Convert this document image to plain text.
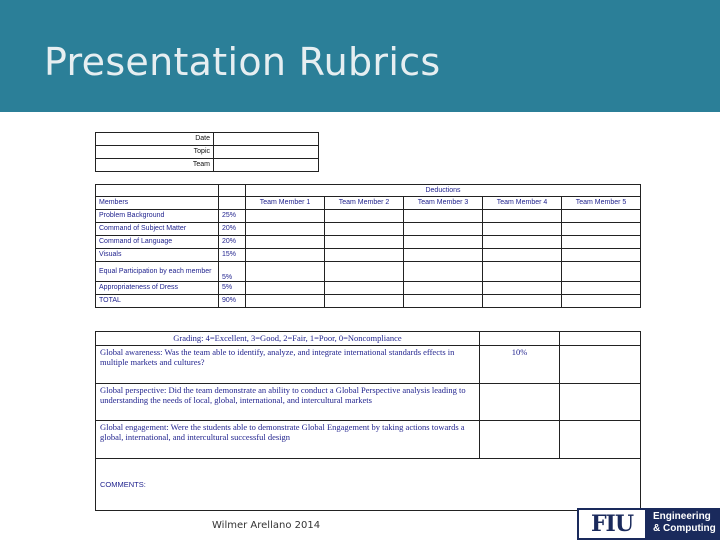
Presentation Rubrics
Date	
Topic	
Team	
		Deductions				
Members		Team Member 1	Team Member 2	Team Member 3	Team Member 4	Team Member 5
Problem Background	25%					
Command of Subject Matter	20%					
Command of Language	20%					
Visuals	15%					
Equal Participation by each member	5%					
Appropriateness of Dress	5%					
TOTAL	90%					
Grading: 4=Excellent, 3=Good, 2=Fair, 1=Poor, 0=Noncompliance		
Global awareness: Was the team able to identify, analyze, and integrate international standards effects in multiple markets and cultures?	10%	
Global perspective: Did the team demonstrate an ability to conduct a Global Perspective analysis leading to understanding the needs of local, global, international, and intercultural markets		
Global engagement: Were the students able to demonstrate Global Engagement by taking actions towards a global, international, and intercultural successful design		
COMMENTS:		
Wilmer Arellano 2014	FIU	Engineering
& Computing
